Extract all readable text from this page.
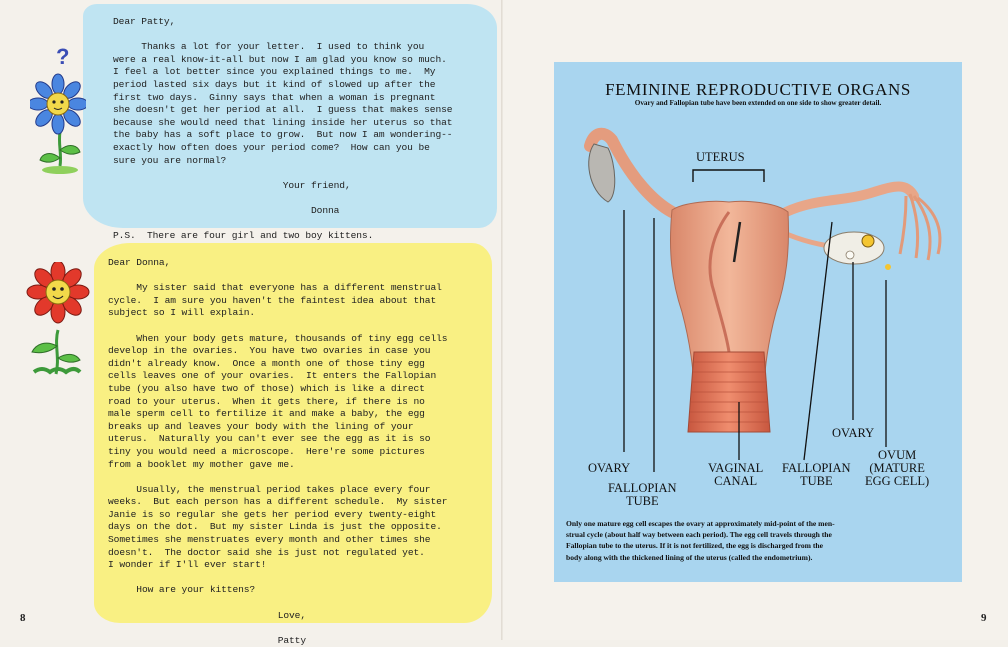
Dear Patty,
Thanks a lot for your letter.  I used to think you
were a real know-it-all but now I am glad you know so much.
I feel a lot better since you explained things to me.  My
period lasted six days but it kind of slowed up after the
first two days.  Ginny says that when a woman is pregnant
she doesn't get her period at all.  I guess that makes sense
because she would need that lining inside her uterus so that
the baby has a soft place to grow.  But now I am wondering--
exactly how often does your period come?  How can you be
sure you are normal?
Your friend,
Donna
P.S.  There are four girl and two boy kittens.

?

Dear Donna,
My sister said that everyone has a different menstrual
cycle.  I am sure you haven't the faintest idea about that
subject so I will explain.
When your body gets mature, thousands of tiny egg cells
develop in the ovaries.  You have two ovaries in case you
didn't already know.  Once a month one of those tiny egg
cells leaves one of your ovaries.  It enters the Fallopian
tube (you also have two of those) which is like a direct
road to your uterus.  When it gets there, if there is no
male sperm cell to fertilize it and make a baby, the egg
breaks up and leaves your body with the lining of your
uterus.  Naturally you can't ever see the egg as it is so
tiny you would need a microscope.  Here're some pictures
from a booklet my mother gave me.
Usually, the menstrual period takes place every four
weeks.  But each person has a different schedule.  My sister
Janie is so regular she gets her period every twenty-eight
days on the dot.  But my sister Linda is just the opposite.
Sometimes she menstruates every month and other times she
doesn't.  The doctor said she is just not regulated yet.
I wonder if I'll ever start!
How are your kittens?
Love,
Patty

8	9
FEMININE REPRODUCTIVE ORGANS
Ovary and Fallopian tube have been extended on one side to show greater detail.
UTERUS
OVARY
FALLOPIAN
TUBE
VAGINAL
CANAL
FALLOPIAN
TUBE
OVARY
OVUM
(MATURE
EGG CELL)
Only one mature egg cell escapes the ovary at approximately mid-point of the men-
strual cycle (about half way between each period). The egg cell travels through the
Fallopian tube to the uterus. If it is not fertilized, the egg is discharged from the
body along with the thickened lining of the uterus (called the endometrium).
